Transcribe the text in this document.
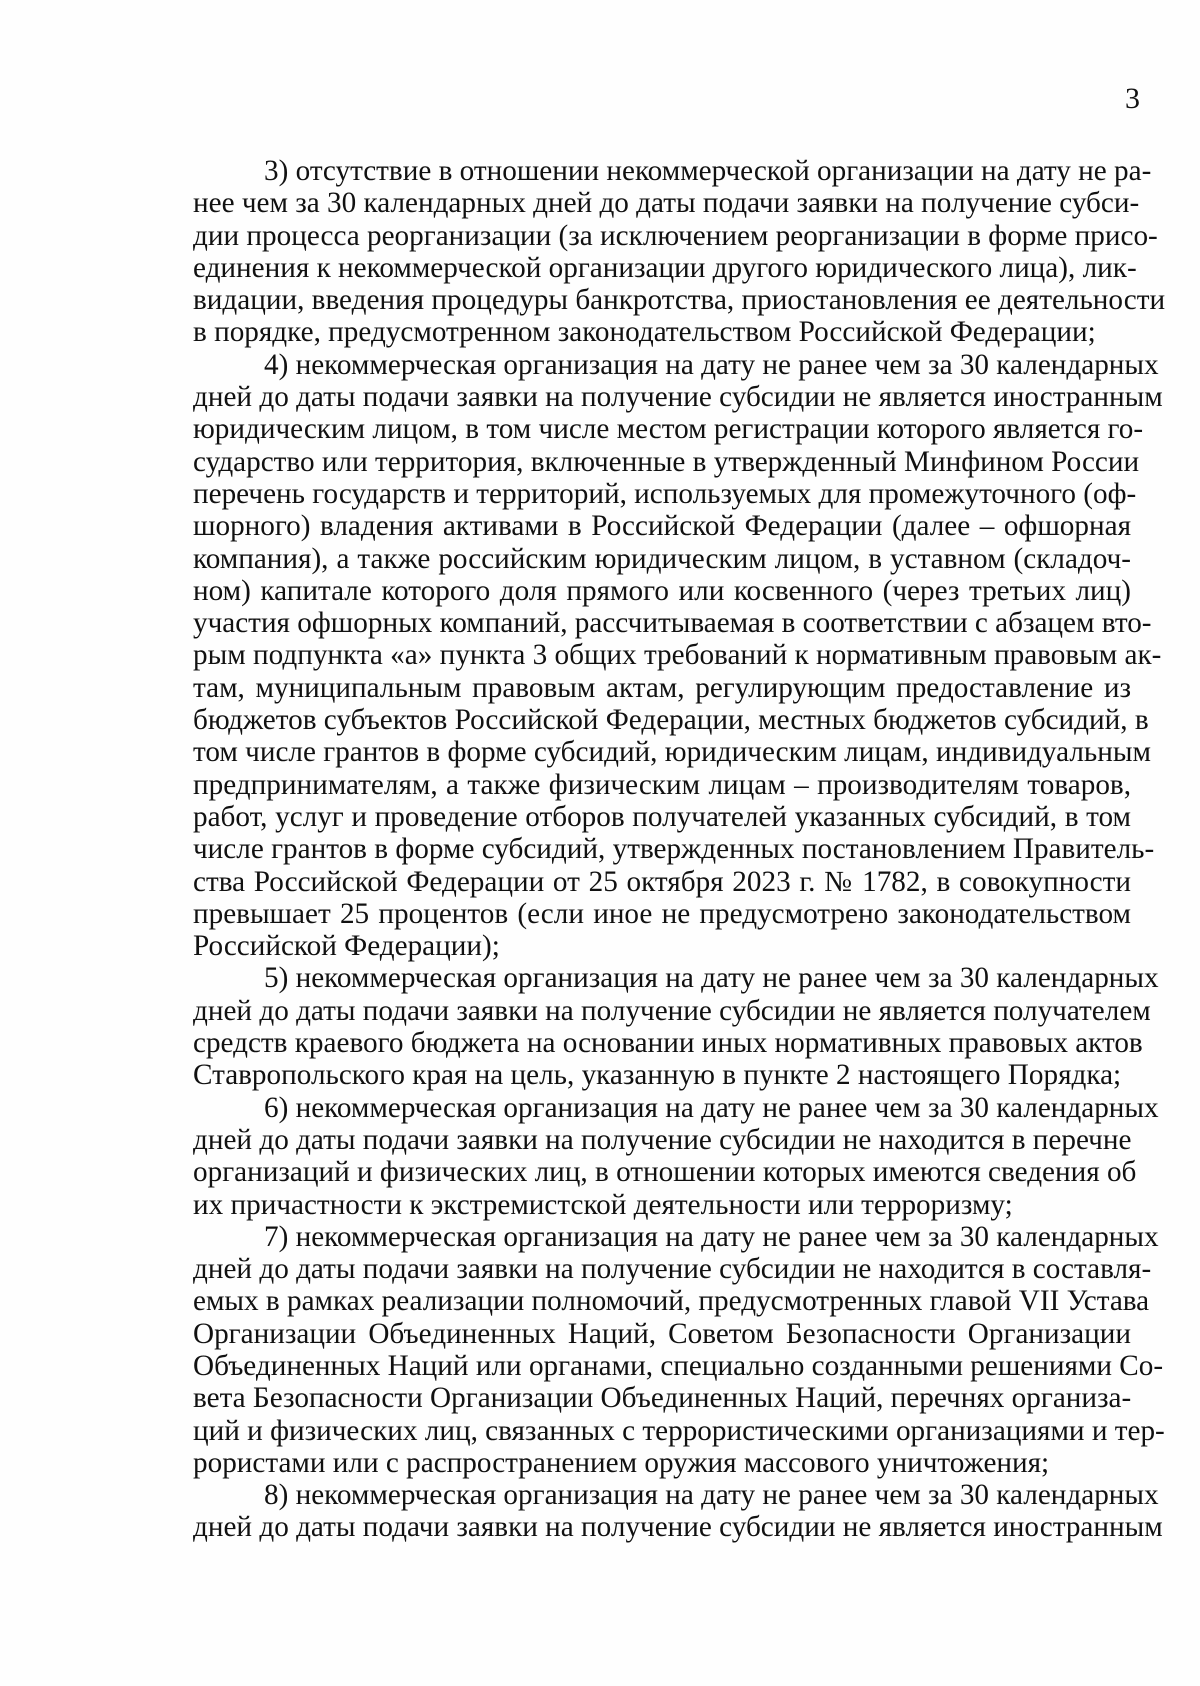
3
3) отсутствие в отношении некоммерческой организации на дату не ра-
нее чем за 30 календарных дней до даты подачи заявки на получение субси-
дии процесса реорганизации (за исключением реорганизации в форме присо-
единения к некоммерческой организации другого юридического лица), лик-
видации, введения процедуры банкротства, приостановления ее деятельности
в порядке, предусмотренном законодательством Российской Федерации;
4) некоммерческая организация на дату не ранее чем за 30 календарных
дней до даты подачи заявки на получение субсидии не является иностранным
юридическим лицом, в том числе местом регистрации которого является го-
сударство или территория, включенные в утвержденный Минфином России
перечень государств и территорий, используемых для промежуточного (оф-
шорного) владения активами в Российской Федерации (далее – офшорная
компания), а также российским юридическим лицом, в уставном (складоч-
ном) капитале которого доля прямого или косвенного (через третьих лиц)
участия офшорных компаний, рассчитываемая в соответствии с абзацем вто-
рым подпункта «а» пункта 3 общих требований к нормативным правовым ак-
там, муниципальным правовым актам, регулирующим предоставление из
бюджетов субъектов Российской Федерации, местных бюджетов субсидий, в
том числе грантов в форме субсидий, юридическим лицам, индивидуальным
предпринимателям, а также физическим лицам – производителям товаров,
работ, услуг и проведение отборов получателей указанных субсидий, в том
числе грантов в форме субсидий, утвержденных постановлением Правитель-
ства Российской Федерации от 25 октября 2023 г. № 1782, в совокупности
превышает 25 процентов (если иное не предусмотрено законодательством
Российской Федерации);
5) некоммерческая организация на дату не ранее чем за 30 календарных
дней до даты подачи заявки на получение субсидии не является получателем
средств краевого бюджета на основании иных нормативных правовых актов
Ставропольского края на цель, указанную в пункте 2 настоящего Порядка;
6) некоммерческая организация на дату не ранее чем за 30 календарных
дней до даты подачи заявки на получение субсидии не находится в перечне
организаций и физических лиц, в отношении которых имеются сведения об
их причастности к экстремистской деятельности или терроризму;
7) некоммерческая организация на дату не ранее чем за 30 календарных
дней до даты подачи заявки на получение субсидии не находится в составля-
емых в рамках реализации полномочий, предусмотренных главой VII Устава
Организации Объединенных Наций, Советом Безопасности Организации
Объединенных Наций или органами, специально созданными решениями Со-
вета Безопасности Организации Объединенных Наций, перечнях организа-
ций и физических лиц, связанных с террористическими организациями и тер-
рористами или с распространением оружия массового уничтожения;
8) некоммерческая организация на дату не ранее чем за 30 календарных
дней до даты подачи заявки на получение субсидии не является иностранным
